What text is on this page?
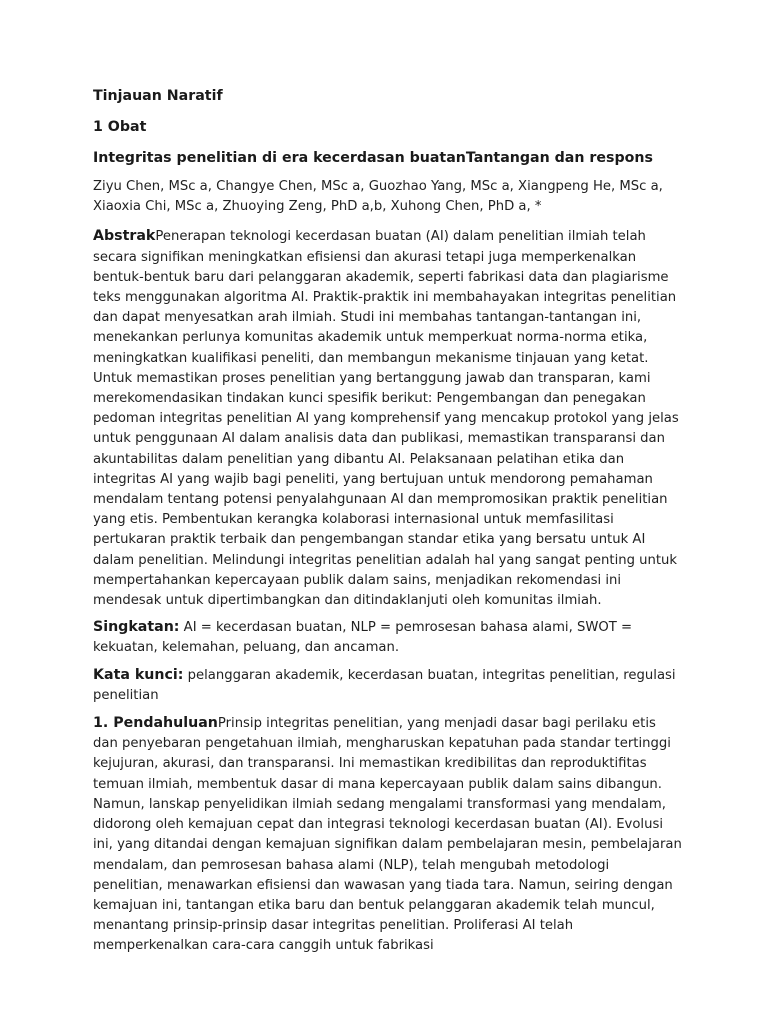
Tinjauan Naratif

1 Obat

Integritas penelitian di era kecerdasan buatanTantangan dan respons

Ziyu Chen, MSc a, Changye Chen, MSc a, Guozhao Yang, MSc a, Xiangpeng He, MSc a, Xiaoxia Chi, MSc a, Zhuoying Zeng, PhD a,b, Xuhong Chen, PhD a, *

AbstrakPenerapan teknologi kecerdasan buatan (AI) dalam penelitian ilmiah telah secara signifikan meningkatkan efisiensi dan akurasi tetapi juga memperkenalkan bentuk-bentuk baru dari pelanggaran akademik, seperti fabrikasi data dan plagiarisme teks menggunakan algoritma AI. Praktik-praktik ini membahayakan integritas penelitian dan dapat menyesatkan arah ilmiah. Studi ini membahas tantangan-tantangan ini, menekankan perlunya komunitas akademik untuk memperkuat norma-norma etika, meningkatkan kualifikasi peneliti, dan membangun mekanisme tinjauan yang ketat. Untuk memastikan proses penelitian yang bertanggung jawab dan transparan, kami merekomendasikan tindakan kunci spesifik berikut: Pengembangan dan penegakan pedoman integritas penelitian AI yang komprehensif yang mencakup protokol yang jelas untuk penggunaan AI dalam analisis data dan publikasi, memastikan transparansi dan akuntabilitas dalam penelitian yang dibantu AI. Pelaksanaan pelatihan etika dan integritas AI yang wajib bagi peneliti, yang bertujuan untuk mendorong pemahaman mendalam tentang potensi penyalahgunaan AI dan mempromosikan praktik penelitian yang etis. Pembentukan kerangka kolaborasi internasional untuk memfasilitasi pertukaran praktik terbaik dan pengembangan standar etika yang bersatu untuk AI dalam penelitian. Melindungi integritas penelitian adalah hal yang sangat penting untuk mempertahankan kepercayaan publik dalam sains, menjadikan rekomendasi ini mendesak untuk dipertimbangkan dan ditindaklanjuti oleh komunitas ilmiah.

Singkatan: AI = kecerdasan buatan, NLP = pemrosesan bahasa alami, SWOT = kekuatan, kelemahan, peluang, dan ancaman.

Kata kunci: pelanggaran akademik, kecerdasan buatan, integritas penelitian, regulasi penelitian

1. PendahuluanPrinsip integritas penelitian, yang menjadi dasar bagi perilaku etis dan penyebaran pengetahuan ilmiah, mengharuskan kepatuhan pada standar tertinggi kejujuran, akurasi, dan transparansi. Ini memastikan kredibilitas dan reproduktifitas temuan ilmiah, membentuk dasar di mana kepercayaan publik dalam sains dibangun. Namun, lanskap penyelidikan ilmiah sedang mengalami transformasi yang mendalam, didorong oleh kemajuan cepat dan integrasi teknologi kecerdasan buatan (AI). Evolusi ini, yang ditandai dengan kemajuan signifikan dalam pembelajaran mesin, pembelajaran mendalam, dan pemrosesan bahasa alami (NLP), telah mengubah metodologi penelitian, menawarkan efisiensi dan wawasan yang tiada tara. Namun, seiring dengan kemajuan ini, tantangan etika baru dan bentuk pelanggaran akademik telah muncul, menantang prinsip-prinsip dasar integritas penelitian. Proliferasi AI telah memperkenalkan cara-cara canggih untuk fabrikasi
